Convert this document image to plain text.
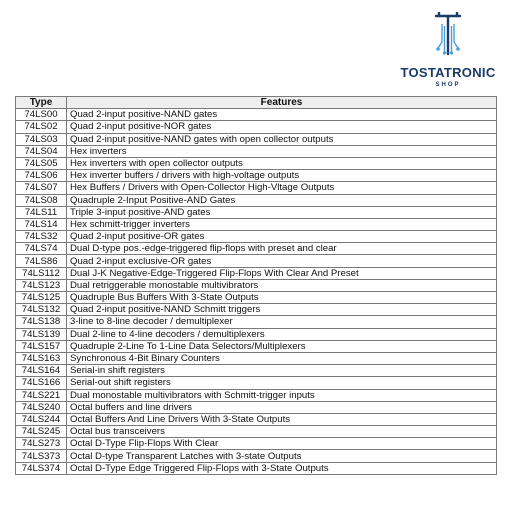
TOSTATRONIC
SHOP
Type	Features
74LS00	Quad 2-input positive-NAND gates
74LS02	Quad 2-input positive-NOR gates
74LS03	Quad 2-input positive-NAND gates with open collector outputs
74LS04	Hex inverters
74LS05	Hex inverters with open collector outputs
74LS06	Hex inverter buffers / drivers with high-voltage outputs
74LS07	Hex Buffers / Drivers with Open-Collector High-Vltage Outputs
74LS08	Quadruple 2-Input Positive-AND Gates
74LS11	Triple 3-input positive-AND gates
74LS14	Hex schmitt-trigger inverters
74LS32	Quad 2-input positive-OR gates
74LS74	Dual D-type pos.-edge-triggered flip-flops with preset and clear
74LS86	Quad 2-input exclusive-OR gates
74LS112	Dual J-K Negative-Edge-Triggered Flip-Flops With Clear And Preset
74LS123	Dual retriggerable monostable multivibrators
74LS125	Quadruple Bus Buffers With 3-State Outputs
74LS132	Quad 2-input positive-NAND Schmitt triggers
74LS138	3-line to 8-line decoder / demultiplexer
74LS139	Dual 2-line to 4-line decoders / demultiplexers
74LS157	Quadruple 2-Line To 1-Line Data Selectors/Multiplexers
74LS163	Synchronous 4-Bit Binary Counters
74LS164	Serial-in shift registers
74LS166	Serial-out shift registers
74LS221	Dual monostable multivibrators with Schmitt-trigger inputs
74LS240	Octal buffers and line drivers
74LS244	Octal Buffers And Line Drivers With 3-State Outputs
74LS245	Octal bus transceivers
74LS273	Octal D-Type Flip-Flops With Clear
74LS373	Octal D-type Transparent Latches with 3-state Outputs
74LS374	Octal D-Type Edge Triggered Flip-Flops with 3-State Outputs
